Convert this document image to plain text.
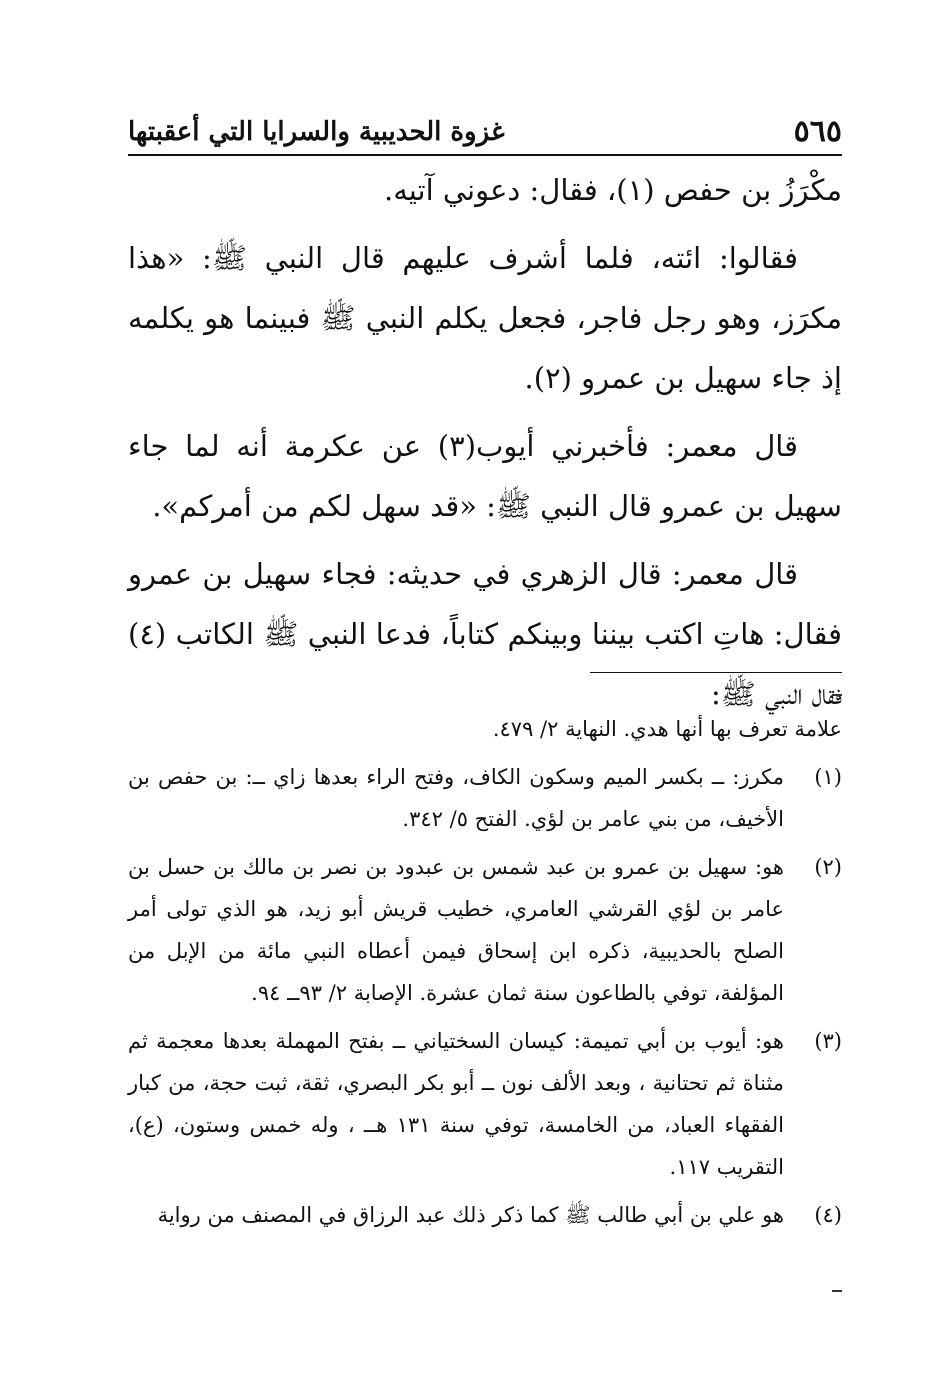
٥٦٥
غزوة الحديبية والسرايا التي أعقبتها

مكْرَزُ بن حفص (١)، فقال: دعوني آتيه.

فقالوا: ائته، فلما أشرف عليهم قال النبي ﷺ: «هذا مكرَز، وهو رجل فاجر، فجعل يكلم النبي ﷺ فبينما هو يكلمه إذ جاء سهيل بن عمرو (٢).

قال معمر: فأخبرني أيوب(٣) عن عكرمة أنه لما جاء سهيل بن عمرو قال النبي ﷺ: «قد سهل لكم من أمركم».

قال معمر: قال الزهري في حديثه: فجاء سهيل بن عمرو فقال: هاتِ اكتب بيننا وبينكم كتاباً، فدعا النبي ﷺ الكاتب (٤) فقال النبي ﷺ:

علامة تعرف بها أنها هدي. النهاية ٢/ ٤٧٩.

(١)
مكرز: ــ بكسر الميم وسكون الكاف، وفتح الراء بعدها زاي ــ: بن حفص بن الأخيف، من بني عامر بن لؤي. الفتح ٥/ ٣٤٢.
(٢)
هو: سهيل بن عمرو بن عبد شمس بن عبدود بن نصر بن مالك بن حسل بن عامر بن لؤي القرشي العامري، خطيب قريش أبو زيد، هو الذي تولى أمر الصلح بالحديبية، ذكره ابن إسحاق فيمن أعطاه النبي مائة من الإبل من المؤلفة، توفي بالطاعون سنة ثمان عشرة. الإصابة ٢/ ٩٣ــ ٩٤.
(٣)
هو: أيوب بن أبي تميمة: كيسان السختياني ــ بفتح المهملة بعدها معجمة ثم مثناة ثم تحتانية ، وبعد الألف نون ــ أبو بكر البصري، ثقة، ثبت حجة، من كبار الفقهاء العباد، من الخامسة، توفي سنة ١٣١ هــ ، وله خمس وستون، (ع)، التقريب ١١٧.
(٤)
هو علي بن أبي طالب ﷺ كما ذكر ذلك عبد الرزاق في المصنف من رواية
